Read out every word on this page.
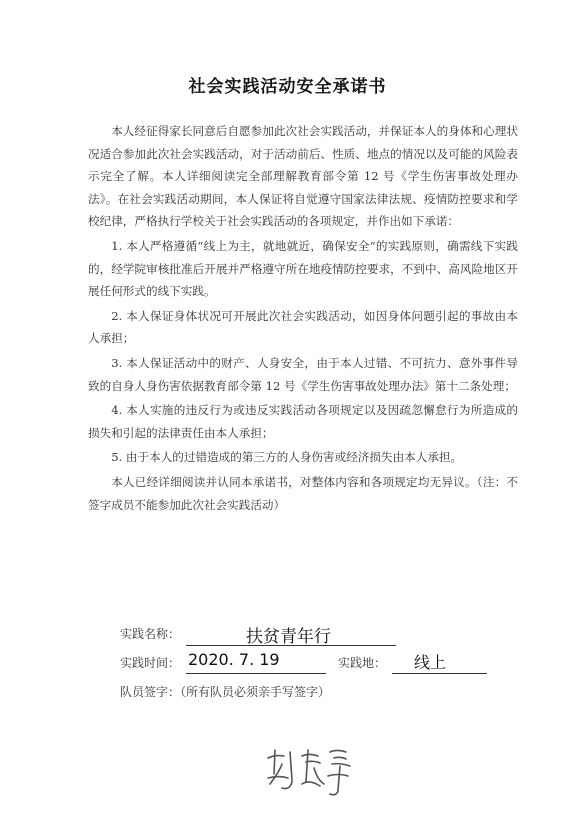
社会实践活动安全承诺书

本人经征得家长同意后自愿参加此次社会实践活动，并保证本人的身体和心理状况适合参加此次社会实践活动，对于活动前后、性质、地点的情况以及可能的风险表示完全了解。本人详细阅读完全部理解教育部令第 12 号《学生伤害事故处理办法》。在社会实践活动期间，本人保证将自觉遵守国家法律法规、疫情防控要求和学校纪律，严格执行学校关于社会实践活动的各项规定，并作出如下承诺：

1. 本人严格遵循“线上为主，就地就近，确保安全”的实践原则，确需线下实践的，经学院审核批准后开展并严格遵守所在地疫情防控要求，不到中、高风险地区开展任何形式的线下实践。

2. 本人保证身体状况可开展此次社会实践活动，如因身体问题引起的事故由本人承担；

3. 本人保证活动中的财产、人身安全，由于本人过错、不可抗力、意外事件导致的自身人身伤害依据教育部令第 12 号《学生伤害事故处理办法》第十二条处理；

4. 本人实施的违反行为或违反实践活动各项规定以及因疏忽懈怠行为所造成的损失和引起的法律责任由本人承担；

5. 由于本人的过错造成的第三方的人身伤害或经济损失由本人承担。

本人已经详细阅读并认同本承诺书，对整体内容和各项规定均无异议。（注：不签字成员不能参加此次社会实践活动）

实践名称：	扶贫青年行
实践时间： 2020. 7. 19	实践地： 线上
队员签字：（所有队员必须亲手写签字）
